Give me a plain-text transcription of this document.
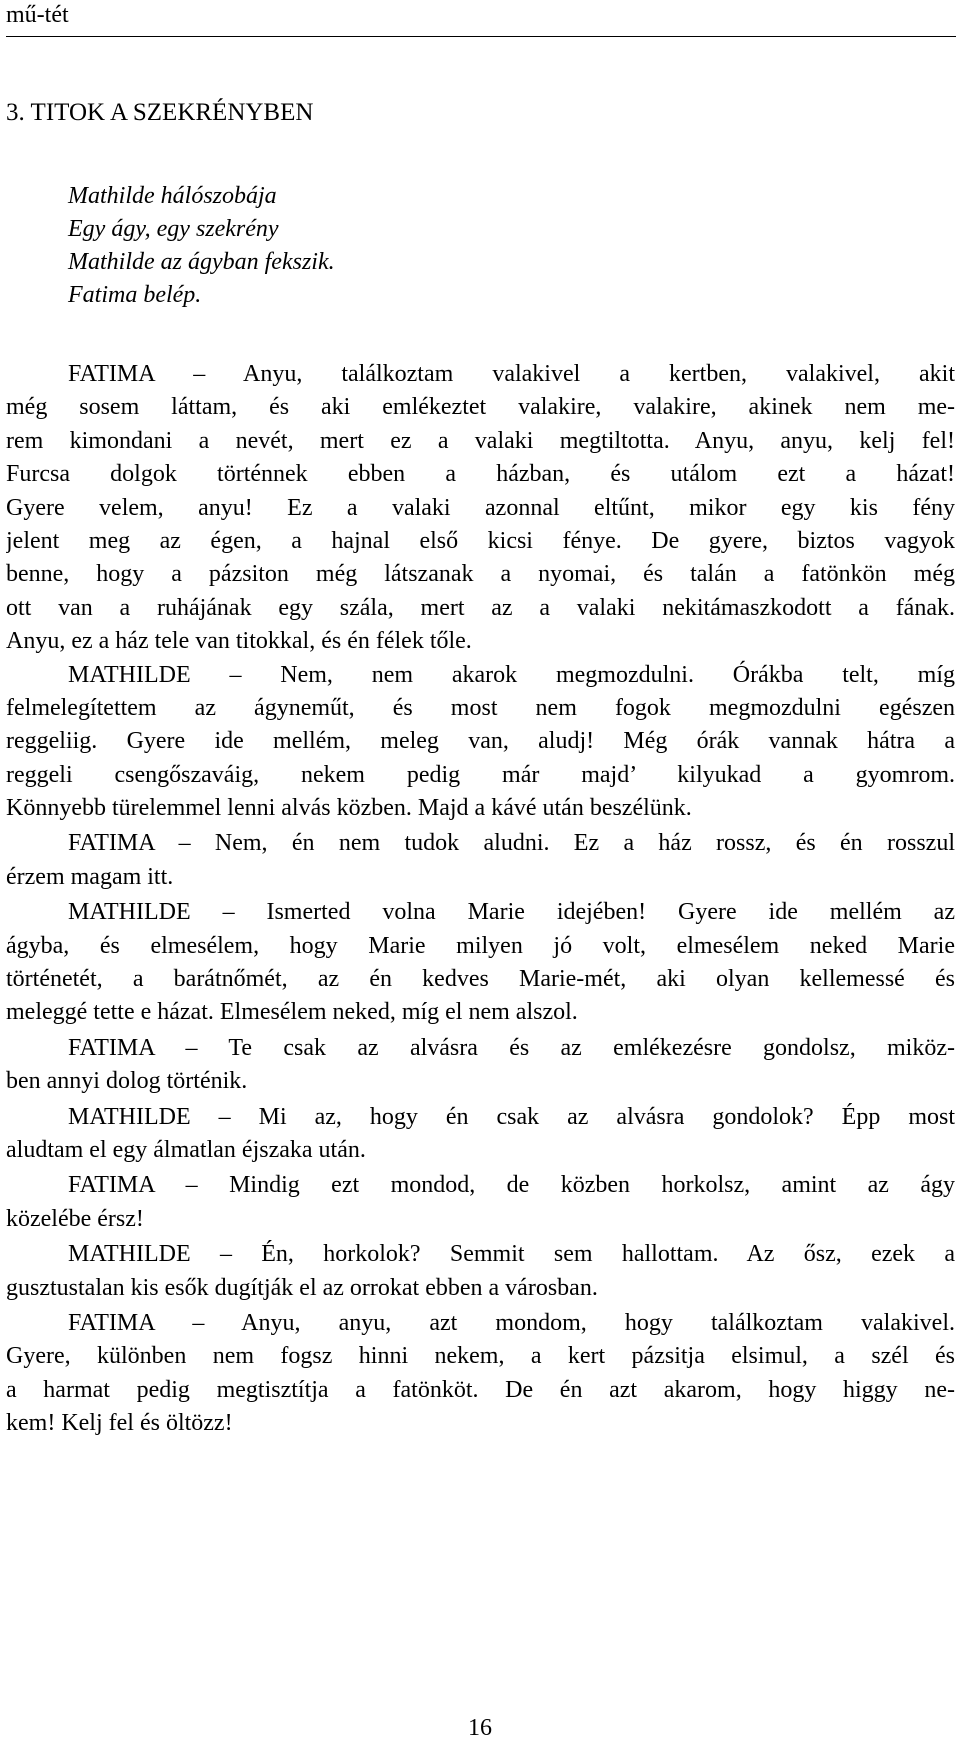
mű-tét
3. TITOK A SZEKRÉNYBEN
Mathilde hálószobája
Egy ágy, egy szekrény
Mathilde az ágyban fekszik.
Fatima belép.
FATIMA – Anyu, találkoztam valakivel a kertben, valakivel, akit
még sosem láttam, és aki emlékeztet valakire, valakire, akinek nem me-
rem kimondani a nevét, mert ez a valaki megtiltotta. Anyu, anyu, kelj fel!
Furcsa dolgok történnek ebben a házban, és utálom ezt a házat!
Gyere velem, anyu! Ez a valaki azonnal eltűnt, mikor egy kis fény
jelent meg az égen, a hajnal első kicsi fénye. De gyere, biztos vagyok
benne, hogy a pázsiton még látszanak a nyomai, és talán a fatönkön még
ott van a ruhájának egy szála, mert az a valaki nekitámaszkodott a fának.
Anyu, ez a ház tele van titokkal, és én félek tőle.
MATHILDE – Nem, nem akarok megmozdulni. Órákba telt, míg
felmelegítettem az ágyneműt, és most nem fogok megmozdulni egészen
reggeliig. Gyere ide mellém, meleg van, aludj! Még órák vannak hátra a
reggeli csengőszaváig, nekem pedig már majd’ kilyukad a gyomrom.
Könnyebb türelemmel lenni alvás közben. Majd a kávé után beszélünk.
FATIMA – Nem, én nem tudok aludni. Ez a ház rossz, és én rosszul
érzem magam itt.
MATHILDE – Ismerted volna Marie idejében! Gyere ide mellém az
ágyba, és elmesélem, hogy Marie milyen jó volt, elmesélem neked Marie
történetét, a barátnőmét, az én kedves Marie-mét, aki olyan kellemessé és
meleggé tette e házat. Elmesélem neked, míg el nem alszol.
FATIMA – Te csak az alvásra és az emlékezésre gondolsz, miköz-
ben annyi dolog történik.
MATHILDE – Mi az, hogy én csak az alvásra gondolok? Épp most
aludtam el egy álmatlan éjszaka után.
FATIMA – Mindig ezt mondod, de közben horkolsz, amint az ágy
közelébe érsz!
MATHILDE – Én, horkolok? Semmit sem hallottam. Az ősz, ezek a
gusztustalan kis esők dugítják el az orrokat ebben a városban.
FATIMA – Anyu, anyu, azt mondom, hogy találkoztam valakivel.
Gyere, különben nem fogsz hinni nekem, a kert pázsitja elsimul, a szél és
a harmat pedig megtisztítja a fatönköt. De én azt akarom, hogy higgy ne-
kem! Kelj fel és öltözz!
16
